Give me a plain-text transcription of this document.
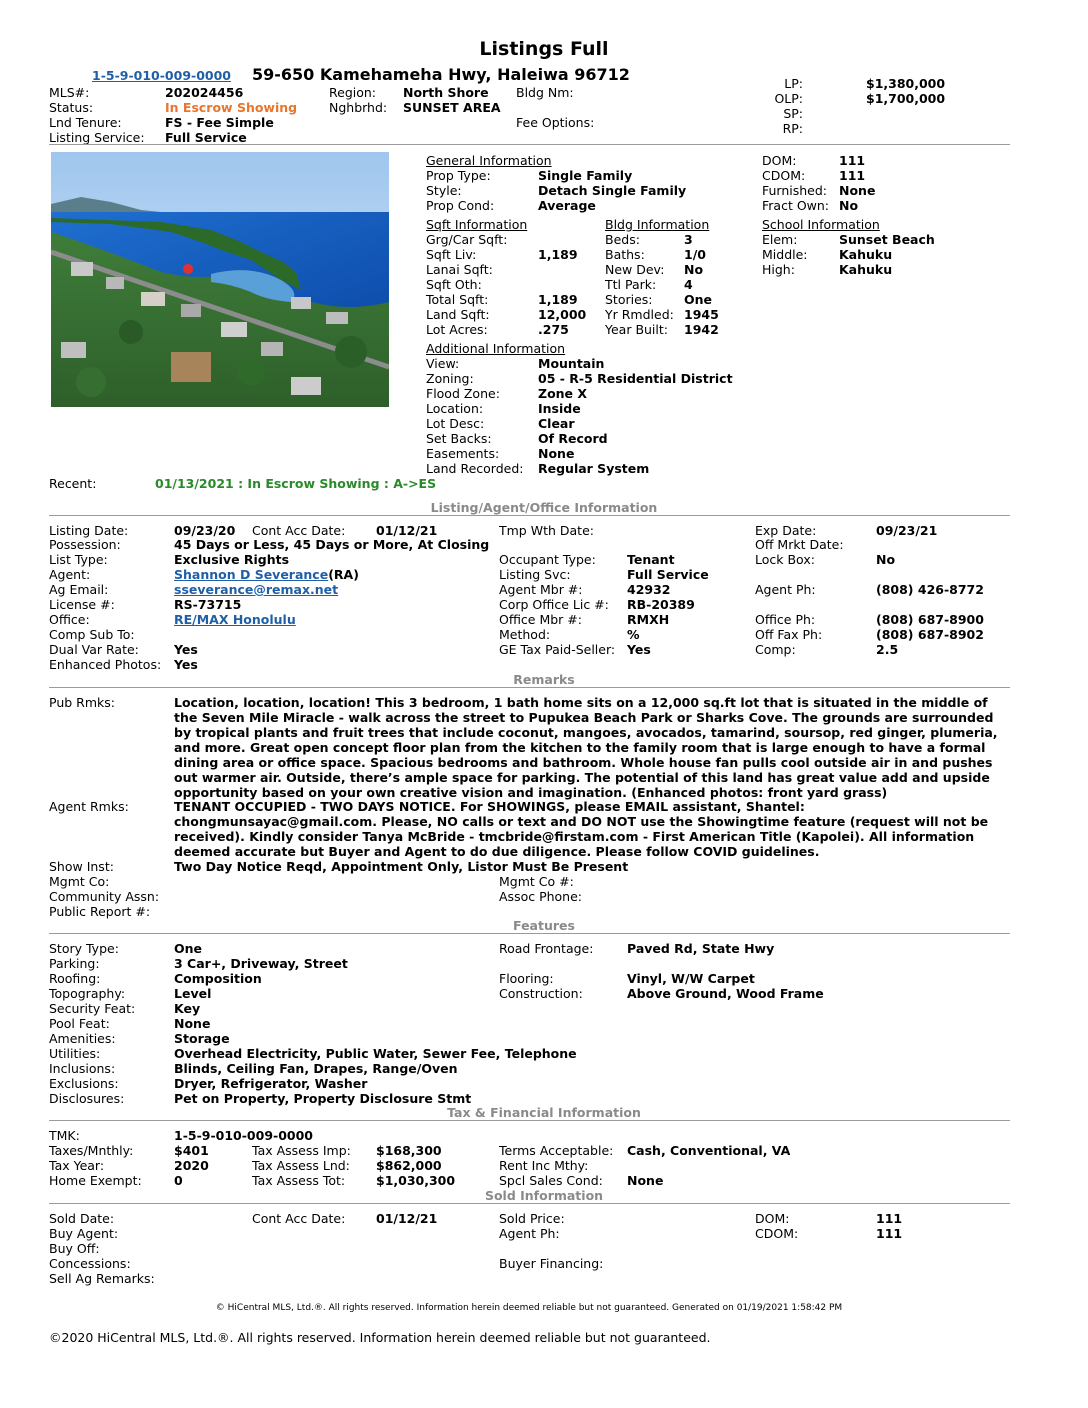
Listings Full
1-5-9-010-009-0000 59-650 Kamehameha Hwy, Haleiwa 96712
MLS#:	202024456
Status:	In Escrow Showing
Lnd Tenure:	FS - Fee Simple
Listing Service: Full Service
Region: North Shore
Nghbrhd: SUNSET AREA
Bldg Nm:
Fee Options:
LP:	$1,380,000
OLP:	$1,700,000
SP:
RP:
General Information
Prop Type:	Single Family
Style:	Detach Single Family
Prop Cond:	Average
DOM:	111
CDOM:	111
Furnished: None
Fract Own: No
Sqft Information
Grg/Car Sqft:
Sqft Liv:	1,189
Lanai Sqft:
Sqft Oth:
Total Sqft:	1,189
Land Sqft:	12,000
Lot Acres:	.275
Bldg Information
Beds:	3
Baths:	1/0
New Dev: No
Ttl Park: 4
Stories:	One
Yr Rmdled: 1945
Year Built: 1942
School Information
Elem:	Sunset Beach
Middle:	Kahuku
High:	Kahuku
Additional Information
View:	Mountain
Zoning:	05 - R-5 Residential District
Flood Zone:	Zone X
Location:	Inside
Lot Desc:	Clear
Set Backs:	Of Record
Easements:	None
Land Recorded: Regular System
Recent:	01/13/2021 : In Escrow Showing : A->ES
Listing/Agent/Office Information
Listing Date:	09/23/20 Cont Acc Date: 01/12/21	Tmp Wth Date:	Exp Date:	09/23/21
Possession:	45 Days or Less, 45 Days or More, At Closing	Off Mrkt Date:
List Type:	Exclusive Rights	Occupant Type: Tenant	Lock Box:	No
Agent:	Shannon D Severance(RA)	Listing Svc:	Full Service
Ag Email:	sseverance@remax.net	Agent Mbr #:	42932	Agent Ph:	(808) 426-8772
License #:	RS-73715	Corp Office Lic #: RB-20389
Office:	RE/MAX Honolulu	Office Mbr #:	RMXH	Office Ph:	(808) 687-8900
Comp Sub To:	Method:	%	Off Fax Ph:	(808) 687-8902
Dual Var Rate:	Yes	GE Tax Paid-Seller: Yes	Comp:	2.5
Enhanced Photos: Yes
Remarks
Pub Rmks:	Location, location, location! This 3 bedroom, 1 bath home sits on a 12,000 sq.ft lot that is situated in the middle of the Seven Mile Miracle - walk across the street to Pupukea Beach Park or Sharks Cove. The grounds are surrounded by tropical plants and fruit trees that include coconut, mangoes, avocados, tamarind, soursop, red ginger, plumeria, and more. Great open concept floor plan from the kitchen to the family room that is large enough to have a formal dining area or office space. Spacious bedrooms and bathroom. Whole house fan pulls cool outside air in and pushes out warmer air. Outside, there’s ample space for parking. The potential of this land has great value add and upside opportunity based on your own creative vision and imagination. (Enhanced photos: front yard grass)
Agent Rmks:	TENANT OCCUPIED - TWO DAYS NOTICE. For SHOWINGS, please EMAIL assistant, Shantel: chongmunsayac@gmail.com. Please, NO calls or text and DO NOT use the Showingtime feature (request will not be received). Kindly consider Tanya McBride - tmcbride@firstam.com - First American Title (Kapolei). All information deemed accurate but Buyer and Agent to do due diligence. Please follow COVID guidelines.
Show Inst:	Two Day Notice Reqd, Appointment Only, Listor Must Be Present
Mgmt Co:	Mgmt Co #:
Community Assn:	Assoc Phone:
Public Report #:
Features
Story Type:	One	Road Frontage:	Paved Rd, State Hwy
Parking:	3 Car+, Driveway, Street
Roofing:	Composition	Flooring:	Vinyl, W/W Carpet
Topography:	Level	Construction:	Above Ground, Wood Frame
Security Feat:	Key
Pool Feat:	None
Amenities:	Storage
Utilities:	Overhead Electricity, Public Water, Sewer Fee, Telephone
Inclusions:	Blinds, Ceiling Fan, Drapes, Range/Oven
Exclusions:	Dryer, Refrigerator, Washer
Disclosures:	Pet on Property, Property Disclosure Stmt
Tax & Financial Information
TMK:	1-5-9-010-009-0000
Taxes/Mnthly:	$401	Tax Assess Imp: $168,300	Terms Acceptable: Cash, Conventional, VA
Tax Year:	2020	Tax Assess Lnd: $862,000	Rent Inc Mthy:
Home Exempt:	0	Tax Assess Tot: $1,030,300	Spcl Sales Cond: None
Sold Information
Sold Date:	Cont Acc Date: 01/12/21	Sold Price:	DOM:	111
Buy Agent:	Agent Ph:	CDOM:	111
Buy Off:
Concessions:	Buyer Financing:
Sell Ag Remarks:
© HiCentral MLS, Ltd.®. All rights reserved. Information herein deemed reliable but not guaranteed. Generated on 01/19/2021 1:58:42 PM
©2020 HiCentral MLS, Ltd.®. All rights reserved. Information herein deemed reliable but not guaranteed.
